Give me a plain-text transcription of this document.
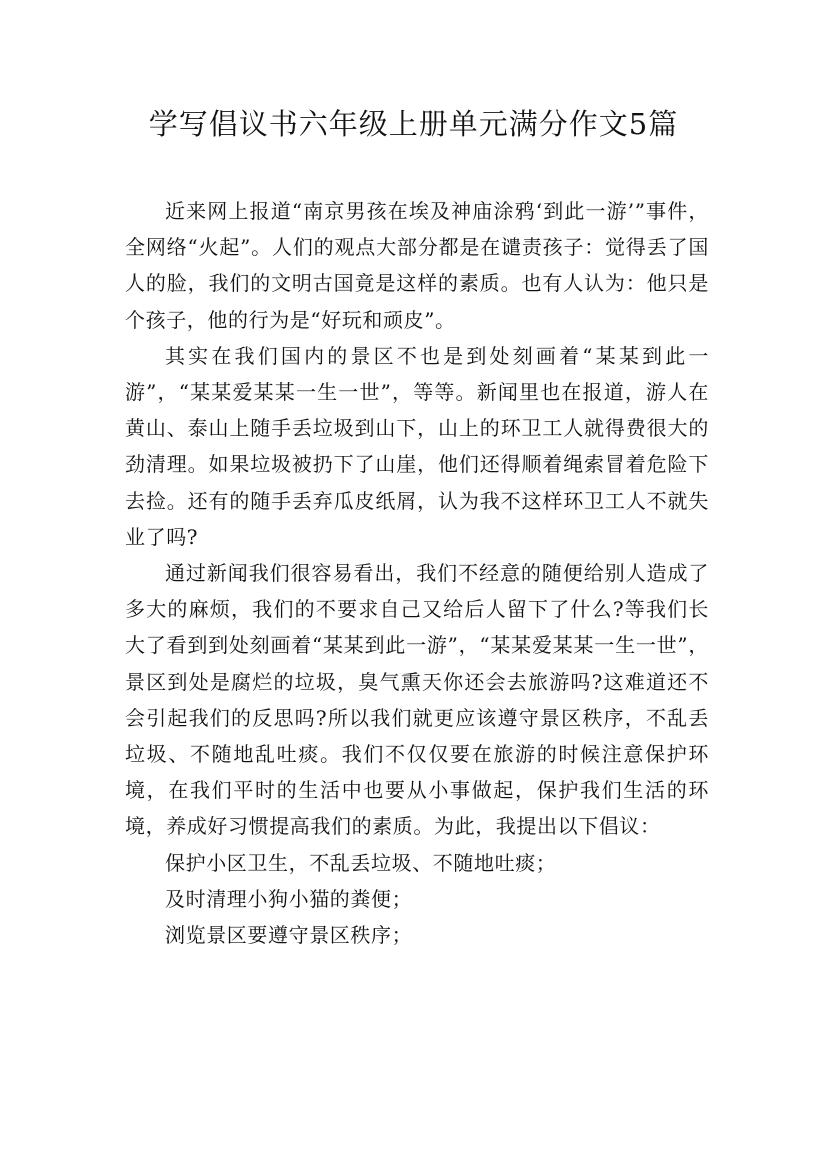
学写倡议书六年级上册单元满分作文5篇

近来网上报道“南京男孩在埃及神庙涂鸦‘到此一游’”事件，全网络“火起”。人们的观点大部分都是在谴责孩子：觉得丢了国人的脸，我们的文明古国竟是这样的素质。也有人认为：他只是个孩子，他的行为是“好玩和顽皮”。

其实在我们国内的景区不也是到处刻画着“某某到此一游”，“某某爱某某一生一世”，等等。新闻里也在报道，游人在黄山、泰山上随手丢垃圾到山下，山上的环卫工人就得费很大的劲清理。如果垃圾被扔下了山崖，他们还得顺着绳索冒着危险下去捡。还有的随手丢弃瓜皮纸屑，认为我不这样环卫工人不就失业了吗?

通过新闻我们很容易看出，我们不经意的随便给别人造成了多大的麻烦，我们的不要求自己又给后人留下了什么?等我们长大了看到到处刻画着“某某到此一游”，“某某爱某某一生一世”，景区到处是腐烂的垃圾，臭气熏天你还会去旅游吗?这难道还不会引起我们的反思吗?所以我们就更应该遵守景区秩序，不乱丢垃圾、不随地乱吐痰。我们不仅仅要在旅游的时候注意保护环境，在我们平时的生活中也要从小事做起，保护我们生活的环境，养成好习惯提高我们的素质。为此，我提出以下倡议：

保护小区卫生，不乱丢垃圾、不随地吐痰；

及时清理小狗小猫的粪便；

浏览景区要遵守景区秩序；
